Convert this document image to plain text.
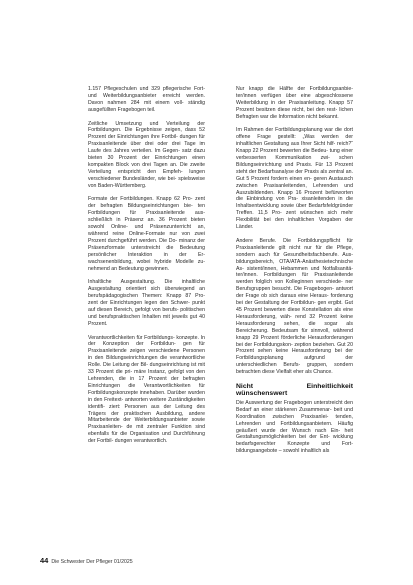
1.157 Pflegeschulen und 329 pflegerische Fort- und Weiterbildungsanbieter erreicht werden. Davon nahmen 284 mit einem voll- ständig ausgefüllten Fragebogen teil.

Zeitliche Umsetzung und Verteilung der Fortbildungen. Die Ergebnisse zeigen, dass 52 Prozent der Einrichtungen ihre Fortbil- dungen für Praxisanleitende über drei oder drei Tage im Laufe des Jahres verteilen. Im Gegen- satz dazu bieten 30 Prozent der Einrichtungen einen kompakten Block von drei Tagen an. Die zweite Verteilung entspricht den Empfeh- lungen verschiedener Bundesländer, wie bei- spielsweise von Baden-Württemberg.

Formate der Fortbildungen. Knapp 62 Pro- zent der befragten Bildungseinrichtungen bie- ten Fortbildungen für Praxisanleitende aus- schließlich in Präsenz an. 36 Prozent bieten sowohl Online- und Präsenzunterricht an, während reine Online-Formate nur von zwei Prozent durchgeführt werden. Die Do- minanz der Präsenzformate unterstreicht die Bedeutung persönlicher Interaktion in der Er- wachsenenbildung, wobei hybride Modelle zu- nehmend an Bedeutung gewinnen.

Inhaltliche Ausgestaltung. Die inhaltliche Ausgestaltung orientiert sich überwiegend an berufspädagogischen Themen: Knapp 87 Pro- zent der Einrichtungen legen den Schwer- punkt auf diesen Bereich, gefolgt von berufs- politischen und berufspraktischen Inhalten mit jeweils gut 40 Prozent.

Verantwortlichkeiten für Fortbildungs- konzepte. In der Konzeption der Fortbildun- gen für Praxisanleitende zeigen verschiedene Personen in den Bildungseinrichtungen die verantwortliche Rolle. Die Leitung der Bil- dungseinrichtung ist mit 33 Prozent die pri- märe Instanz, gefolgt von den Lehrenden, die in 17 Prozent der befragten Einrichtungen die Verantwortlichkeiten für Fortbildungskonzepte innehaben. Darüber wurden in den Freitext- antworten weitere Zuständigkeiten identifi- ziert: Personen aus der Leitung des Trägers der praktischen Ausbildung, andere Mitarbeitende der Weiterbildungsanbieter sowie Praxisanleiten- de mit zentraler Funktion sind ebenfalls für die Organisation und Durchführung der Fortbil- dungen verantwortlich.

Nur knapp die Hälfte der Fortbildungsanbie- ter/innen verfügen über eine abgeschlossene Weiterbildung in der Praxisanleitung. Knapp 57 Prozent besitzen diese nicht, bei den rest- lichen Befragten war die Information nicht bekannt.

Im Rahmen der Fortbildungsplanung war die dort offene Frage gestellt: „Was werden der inhaltlichen Gestaltung aus Ihrer Sicht hilf- reich?“ Knapp 22 Prozent bewerten die Bedeu- tung einer verbesserten Kommunikation zwi- schen Bildungseinrichtung und Praxis. Für 13 Prozent steht der Bedarfsanalyse der Praxis als zentral an. Gut 5 Prozent fordern einen en- geren Austausch zwischen Praxisanleitenden, Lehrenden und Auszubildenden. Knapp 16 Prozent befürworten die Einbindung von Pra- xisanleitenden in die Inhaltsentwicklung sowie über Bedarfsfeldgründer Treffen. 11,5 Pro- zent wünschen sich mehr Flexibilität bei den inhaltlichen Vorgaben der Länder.

Andere Berufe. Die Fortbildungspflicht für Praxisanleitende gilt nicht nur für die Pflege, sondern auch für Gesundheitsfachberufe. Aus- bildungsbereich, OTA/ATA-Anästhesietechnische As- sistent/innen, Hebammen und Notfallsanitä- ter/innen. Fortbildungen für Praxisanleitende werden folglich von Kolleginnen verschiede- ner Berufsgruppen besucht. Die Fragebogen- antwort der Frage ob sich daraus eine Heraus- forderung bei der Gestaltung der Fortbildun- gen ergibt. Gut 45 Prozent bewerten diese Konstellation als eine Herausforderung, wäh- rend 32 Prozent keine Herausforderung sehen, die sogar als Bereicherung. Bedeutsam für sinnvoll, während knapp 29 Prozent förderliche Herausforderungen bei der Fortbildungskon- zeption beziehen. Gut 20 Prozent sehen keine Herausforderung bei der Fortbildungsplanung aufgrund der unterschiedlichen Berufs- gruppen, sondern betrachten diese Vielfalt eher als Chance.

Nicht Einheitlichkeit wünschenswert

Die Auswertung der Fragebogen unterstreicht den Bedarf an einer stärkeren Zusammenar- beit und Koordination zwischen Praxisanlei- tenden, Lehrenden und Fortbildungsanbietern. Häufig geäußert wurde der Wunsch nach Ein- heit Gestaltungsmöglichkeiten bei der Ent- wicklung bedarfsgerechter Konzepte und Fort- bildungsangebote – sowohl inhaltlich als

44 Die Schwester Der Pfleger 01/2025
